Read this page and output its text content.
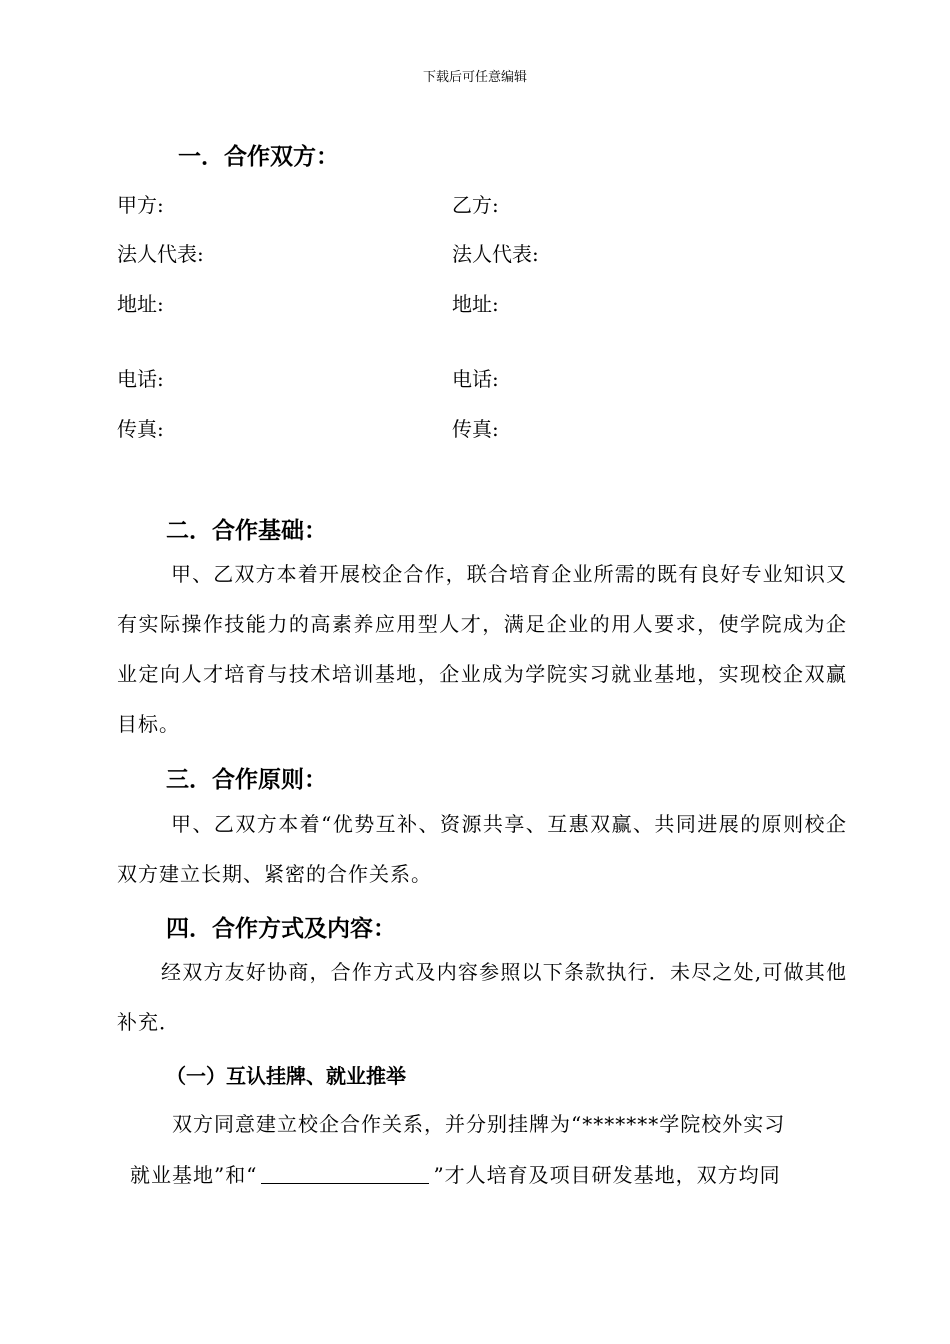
下载后可任意编辑
一．合作双方：
甲方:	乙方:
法人代表:	法人代表:
地址:	地址:
电话:	电话:
传真:	传真:
二．合作基础：
甲、乙双方本着开展校企合作，联合培育企业所需的既有良好专业知识又有实际操作技能力的高素养应用型人才，满足企业的用人要求，使学院成为企业定向人才培育与技术培训基地，企业成为学院实习就业基地，实现校企双赢目标。
三．合作原则：
甲、乙双方本着“优势互补、资源共享、互惠双赢、共同进展的原则校企双方建立长期、紧密的合作关系。
四．合作方式及内容：
经双方友好协商，合作方式及内容参照以下条款执行．未尽之处,可做其他补充．
（一）互认挂牌、就业推举
双方同意建立校企合作关系，并分别挂牌为“*******学院校外实习
就业基地”和“	”才人培育及项目研发基地，双方均同
